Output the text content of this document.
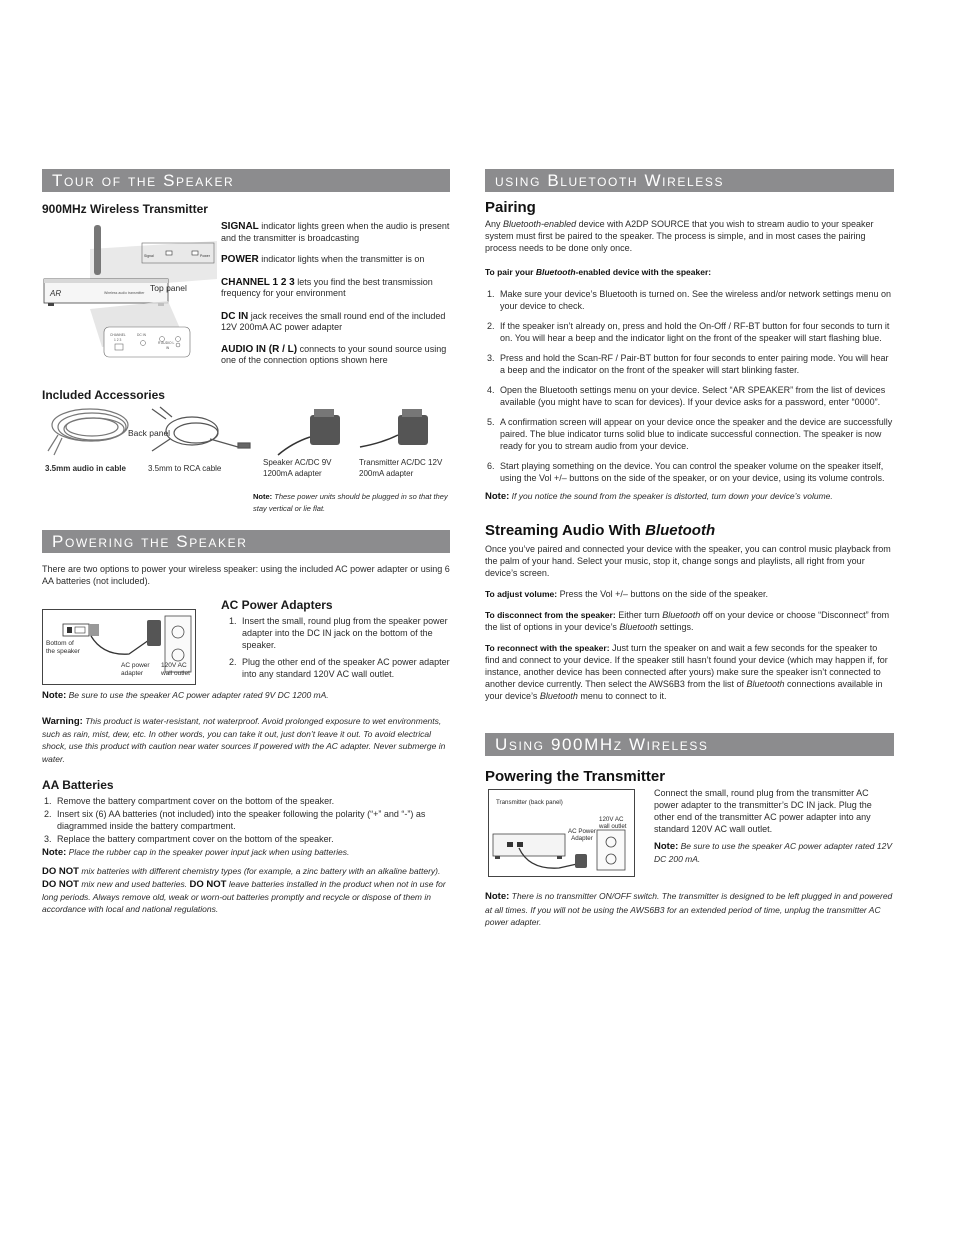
Tour of the Speaker
900MHz Wireless Transmitter
Signal	Power
AR	Wireless audio transmitter
CHANNEL
1 2 3
DC IN
R AUDIO L
IN
Top panel
Back panel

SIGNAL indicator lights green when the audio is present and the transmitter is broadcasting

POWER indicator lights when the transmitter is on

CHANNEL 1 2 3 lets you find the best transmission frequency for your environment

DC IN jack receives the small round end of the included 12V 200mA AC power adapter

AUDIO IN (R / L) connects to your sound source using one of the connection options shown here

Included Accessories
3.5mm audio in cable	3.5mm to RCA cable
Speaker AC/DC 9V
1200mA adapter
Transmitter AC/DC 12V
200mA adapter
Note: These power units should be plugged in so that they stay vertical or lie flat.
Powering the Speaker

There are two options to power your wireless speaker: using the included AC power adapter or using 6 AA batteries (not included).

Bottom of
the speaker
AC power
adapter
120V AC
wall outlet
AC Power Adapters
1. Insert the small, round plug from the speaker power adapter into the DC IN jack on the bottom of the speaker.
2. Plug the other end of the speaker AC power adapter into any standard 120V AC wall outlet.

Note: Be sure to use the speaker AC power adapter rated 9V DC 1200 mA.

Warning: This product is water-resistant, not waterproof. Avoid prolonged exposure to wet environments, such as rain, mist, dew, etc. In other words, you can take it out, just don’t leave it out. To avoid electrical shock, use this product with caution near water sources if powered with the AC adapter. Never submerge in water.

AA Batteries
1. Remove the battery compartment cover on the bottom of the speaker.
2. Insert six (6) AA batteries (not included) into the speaker following the polarity (“+” and “-”) as diagrammed inside the battery compartment.
3. Replace the battery compartment cover on the bottom of the speaker.

Note: Place the rubber cap in the speaker power input jack when using batteries.

DO NOT mix batteries with different chemistry types (for example, a zinc battery with an alkaline battery). DO NOT mix new and used batteries. DO NOT leave batteries installed in the product when not in use for long periods. Always remove old, weak or worn-out batteries promptly and recycle or dispose of them in accordance with local and national regulations.

using Bluetooth Wireless
Pairing

Any Bluetooth-enabled device with A2DP SOURCE that you wish to stream audio to your speaker system must first be paired to the speaker. The process is simple, and in most cases the pairing process needs to be done only once.

To pair your Bluetooth-enabled device with the speaker:

1. Make sure your device’s Bluetooth is turned on. See the wireless and/or network settings menu on your device to check.
2. If the speaker isn’t already on, press and hold the On-Off / RF-BT button for four seconds to turn it on. You will hear a beep and the indicator light on the front of the speaker will start flashing blue.
3. Press and hold the Scan-RF / Pair-BT button for four seconds to enter pairing mode. You will hear a beep and the indicator on the front of the speaker will start blinking faster.
4. Open the Bluetooth settings menu on your device. Select “AR SPEAKER” from the list of devices available (you might have to scan for devices). If your device asks for a password, enter “0000”.
5. A confirmation screen will appear on your device once the speaker and the device are successfully paired. The blue indicator turns solid blue to indicate successful connection. The speaker is now ready for you to stream audio from your device.
6. Start playing something on the device. You can control the speaker volume on the speaker itself, using the Vol +/– buttons on the side of the speaker, or on your device, using its volume controls.

Note: If you notice the sound from the speaker is distorted, turn down your device’s volume.

Streaming Audio With Bluetooth

Once you’ve paired and connected your device with the speaker, you can control music playback from the palm of your hand. Select your music, stop it, change songs and playlists, all right from your device’s screen.

To adjust volume: Press the Vol +/– buttons on the side of the speaker.

To disconnect from the speaker: Either turn Bluetooth off on your device or choose “Disconnect” from the list of options in your device’s Bluetooth settings.

To reconnect with the speaker: Just turn the speaker on and wait a few seconds for the speaker to find and connect to your device. If the speaker still hasn’t found your device (which may happen if, for instance, another device has been connected after yours) make sure the speaker isn’t connected to another device currently. Then select the AWS6B3 from the list of Bluetooth connections available in your device’s Bluetooth menu to connect to it.

Using 900MHz Wireless
Powering the Transmitter
Transmitter (back panel)
AC Power
Adapter
120V AC
wall outlet

Connect the small, round plug from the transmitter AC power adapter to the transmitter’s DC IN jack. Plug the other end of the transmitter AC power adapter into any standard 120V AC wall outlet.

Note: Be sure to use the speaker AC power adapter rated 12V DC 200 mA.

Note: There is no transmitter ON/OFF switch. The transmitter is designed to be left plugged in and powered at all times. If you will not be using the AWS6B3 for an extended period of time, unplug the transmitter AC power adapter.
